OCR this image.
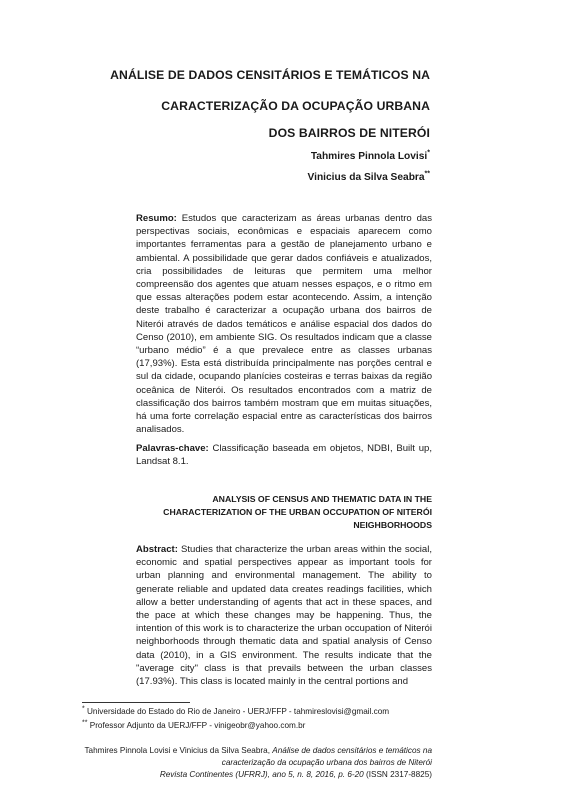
ANÁLISE DE DADOS CENSITÁRIOS E TEMÁTICOS NA
CARACTERIZAÇÃO DA OCUPAÇÃO URBANA
DOS BAIRROS DE NITERÓI
Tahmires Pinnola Lovisi*
Vinicius da Silva Seabra**
Resumo: Estudos que caracterizam as áreas urbanas dentro das perspectivas sociais, econômicas e espaciais aparecem como importantes ferramentas para a gestão de planejamento urbano e ambiental. A possibilidade que gerar dados confiáveis e atualizados, cria possibilidades de leituras que permitem uma melhor compreensão dos agentes que atuam nesses espaços, e o ritmo em que essas alterações podem estar acontecendo. Assim, a intenção deste trabalho é caracterizar a ocupação urbana dos bairros de Niterói através de dados temáticos e análise espacial dos dados do Censo (2010), em ambiente SIG. Os resultados indicam que a classe “urbano médio” é a que prevalece entre as classes urbanas (17,93%). Esta está distribuída principalmente nas porções central e sul da cidade, ocupando planícies costeiras e terras baixas da região oceânica de Niterói. Os resultados encontrados com a matriz de classificação dos bairros também mostram que em muitas situações, há uma forte correlação espacial entre as características dos bairros analisados.
Palavras-chave: Classificação baseada em objetos, NDBI, Built up, Landsat 8.1.
ANALYSIS OF CENSUS AND THEMATIC DATA IN THE
CHARACTERIZATION OF THE URBAN OCCUPATION OF NITERÓI
NEIGHBORHOODS
Abstract: Studies that characterize the urban areas within the social, economic and spatial perspectives appear as important tools for urban planning and environmental management. The ability to generate reliable and updated data creates readings facilities, which allow a better understanding of agents that act in these spaces, and the pace at which these changes may be happening. Thus, the intention of this work is to characterize the urban occupation of Niterói neighborhoods through thematic data and spatial analysis of Censo data (2010), in a GIS environment. The results indicate that the "average city" class is that prevails between the urban classes (17.93%). This class is located mainly in the central portions and
* Universidade do Estado do Rio de Janeiro - UERJ/FFP - tahmireslovisi@gmail.com
** Professor Adjunto da UERJ/FFP - vinigeobr@yahoo.com.br
Tahmires Pinnola Lovisi e Vinicius da Silva Seabra, Análise de dados censitários e temáticos na
caracterização da ocupação urbana dos bairros de Niterói
Revista Continentes (UFRRJ), ano 5, n. 8, 2016, p. 6-20 (ISSN 2317-8825)
